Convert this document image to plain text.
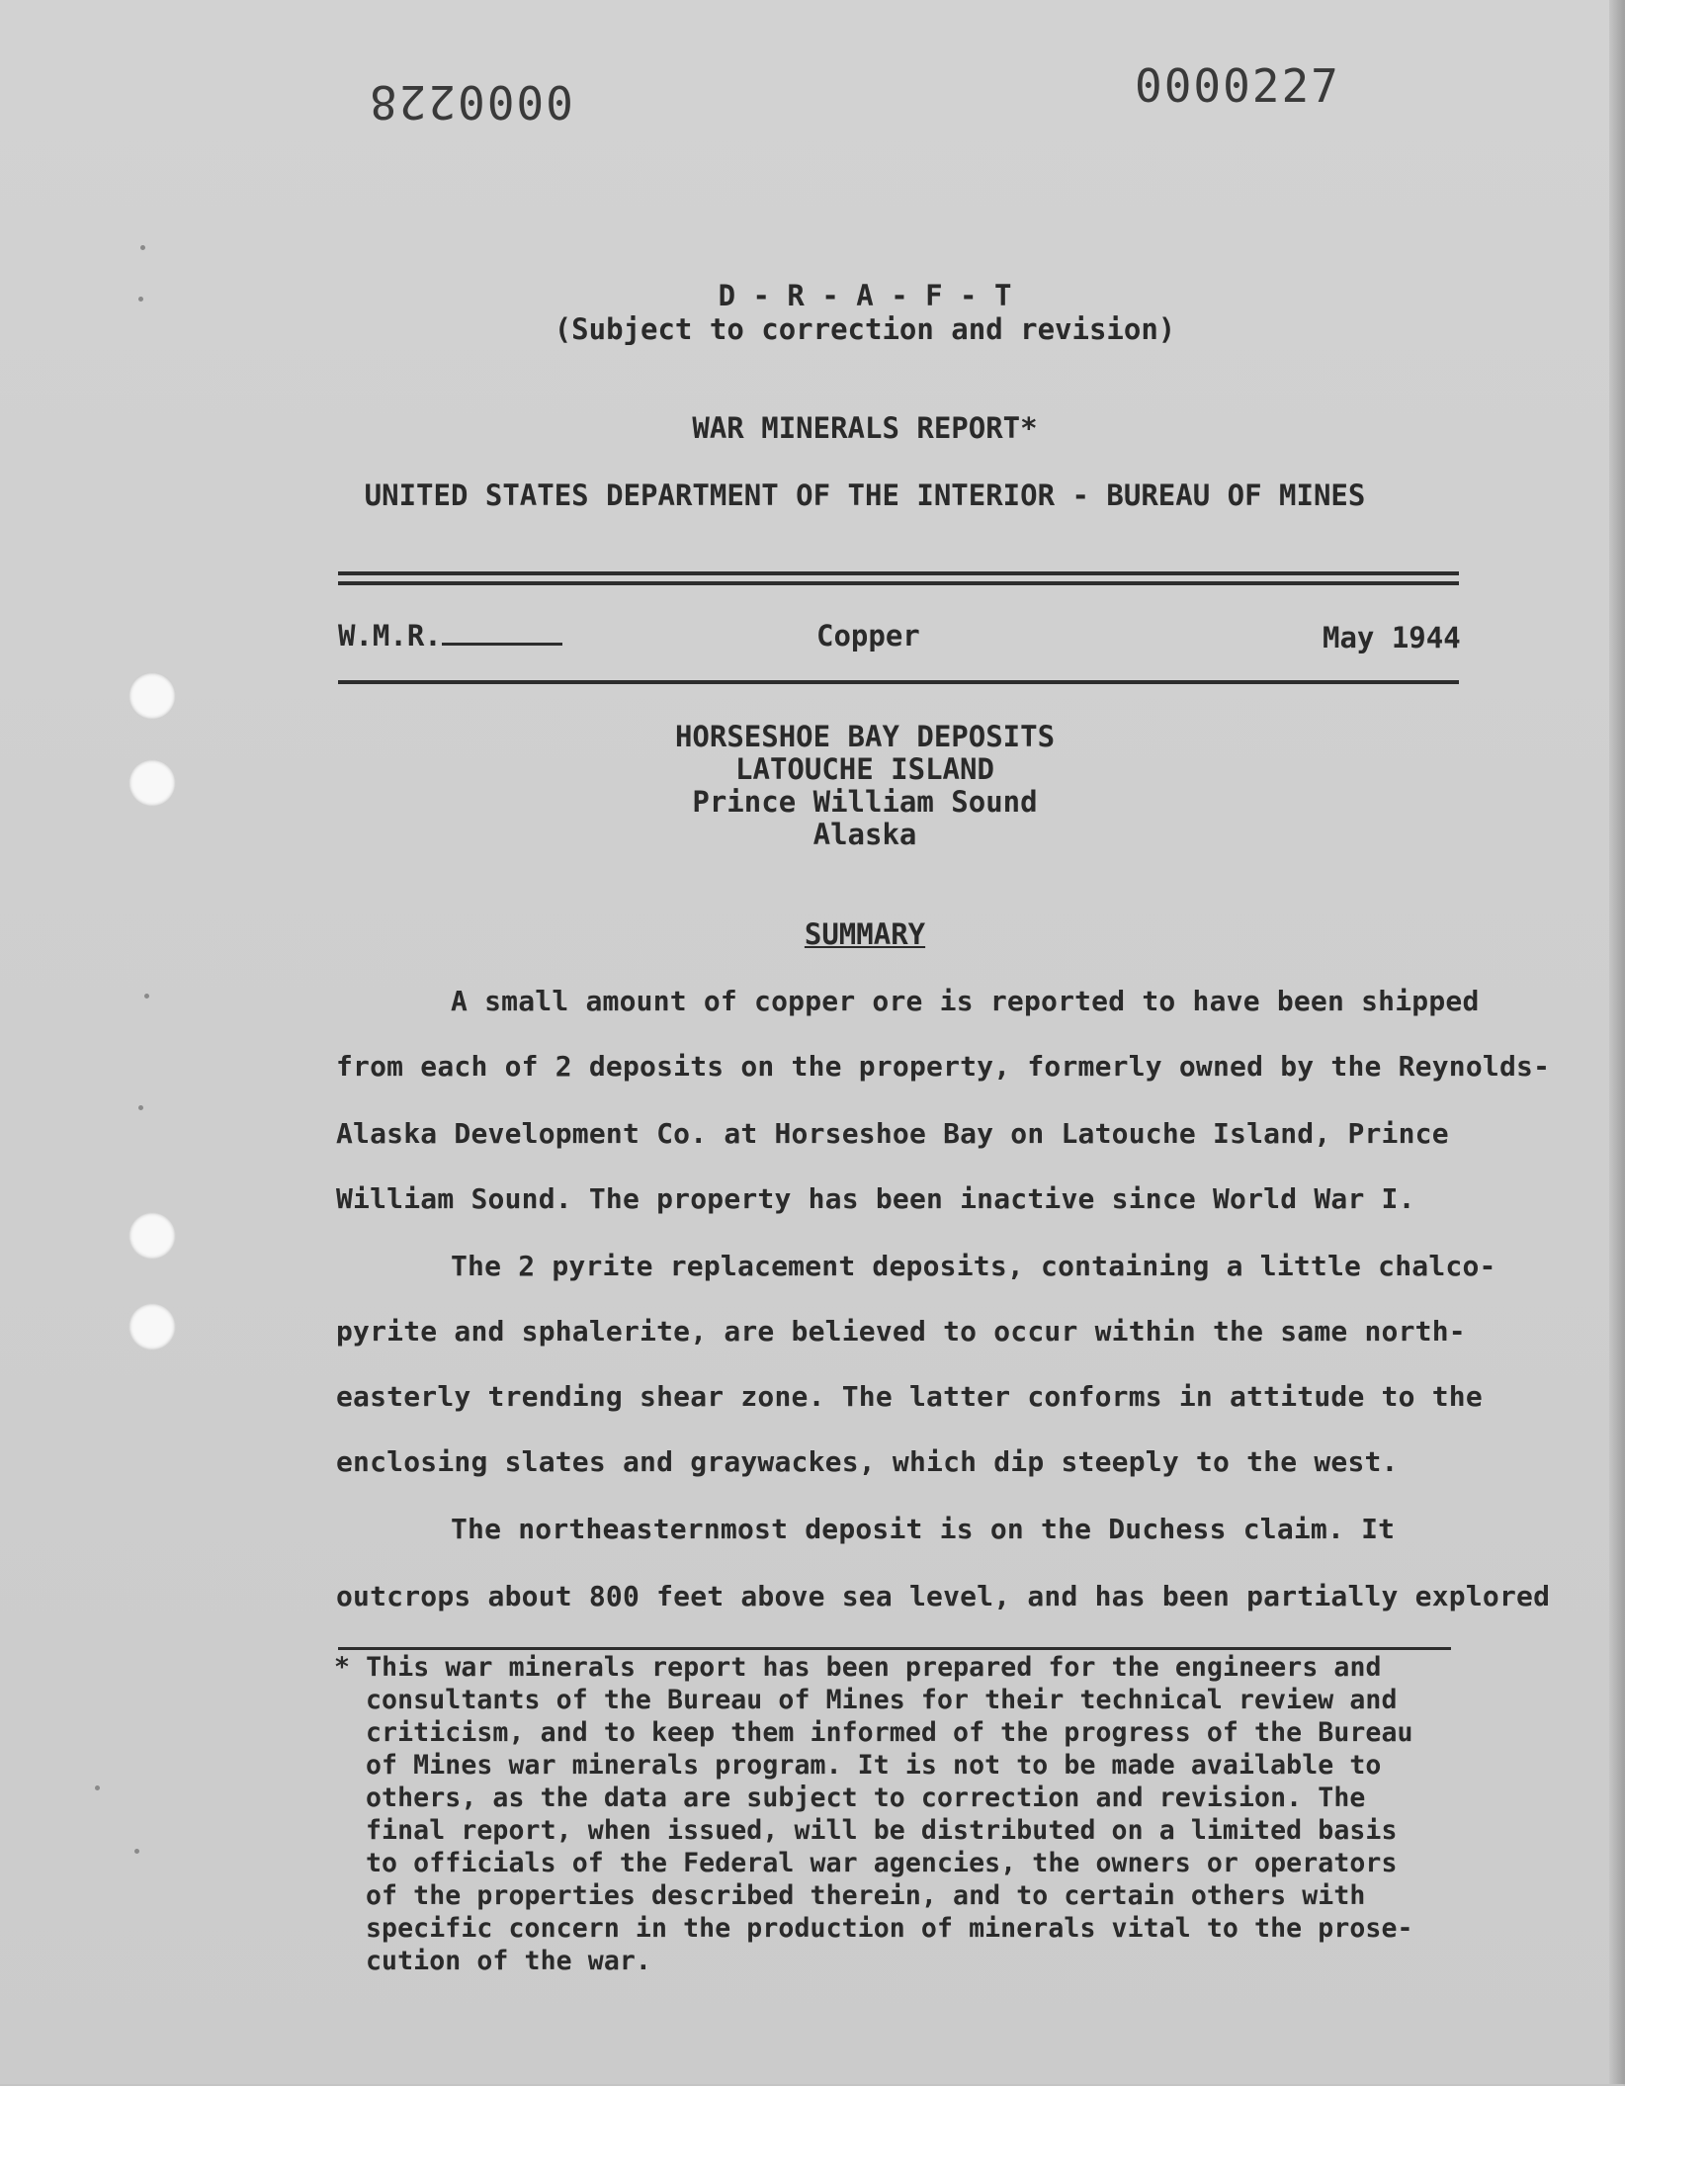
0000228	0000227
D - R - A - F - T
(Subject to correction and revision)
WAR MINERALS REPORT*
UNITED STATES DEPARTMENT OF THE INTERIOR - BUREAU OF MINES
W.M.R.	Copper	May 1944
HORSESHOE BAY DEPOSITS
LATOUCHE ISLAND
Prince William Sound
Alaska
SUMMARY
A small amount of copper ore is reported to have been shipped
from each of 2 deposits on the property, formerly owned by the Reynolds-
Alaska Development Co. at Horseshoe Bay on Latouche Island, Prince
William Sound. The property has been inactive since World War I.
The 2 pyrite replacement deposits, containing a little chalco-
pyrite and sphalerite, are believed to occur within the same north-
easterly trending shear zone. The latter conforms in attitude to the
enclosing slates and graywackes, which dip steeply to the west.
The northeasternmost deposit is on the Duchess claim. It
outcrops about 800 feet above sea level, and has been partially explored
* This war minerals report has been prepared for the engineers and
consultants of the Bureau of Mines for their technical review and
criticism, and to keep them informed of the progress of the Bureau
of Mines war minerals program. It is not to be made available to
others, as the data are subject to correction and revision. The
final report, when issued, will be distributed on a limited basis
to officials of the Federal war agencies, the owners or operators
of the properties described therein, and to certain others with
specific concern in the production of minerals vital to the prose-
cution of the war.
